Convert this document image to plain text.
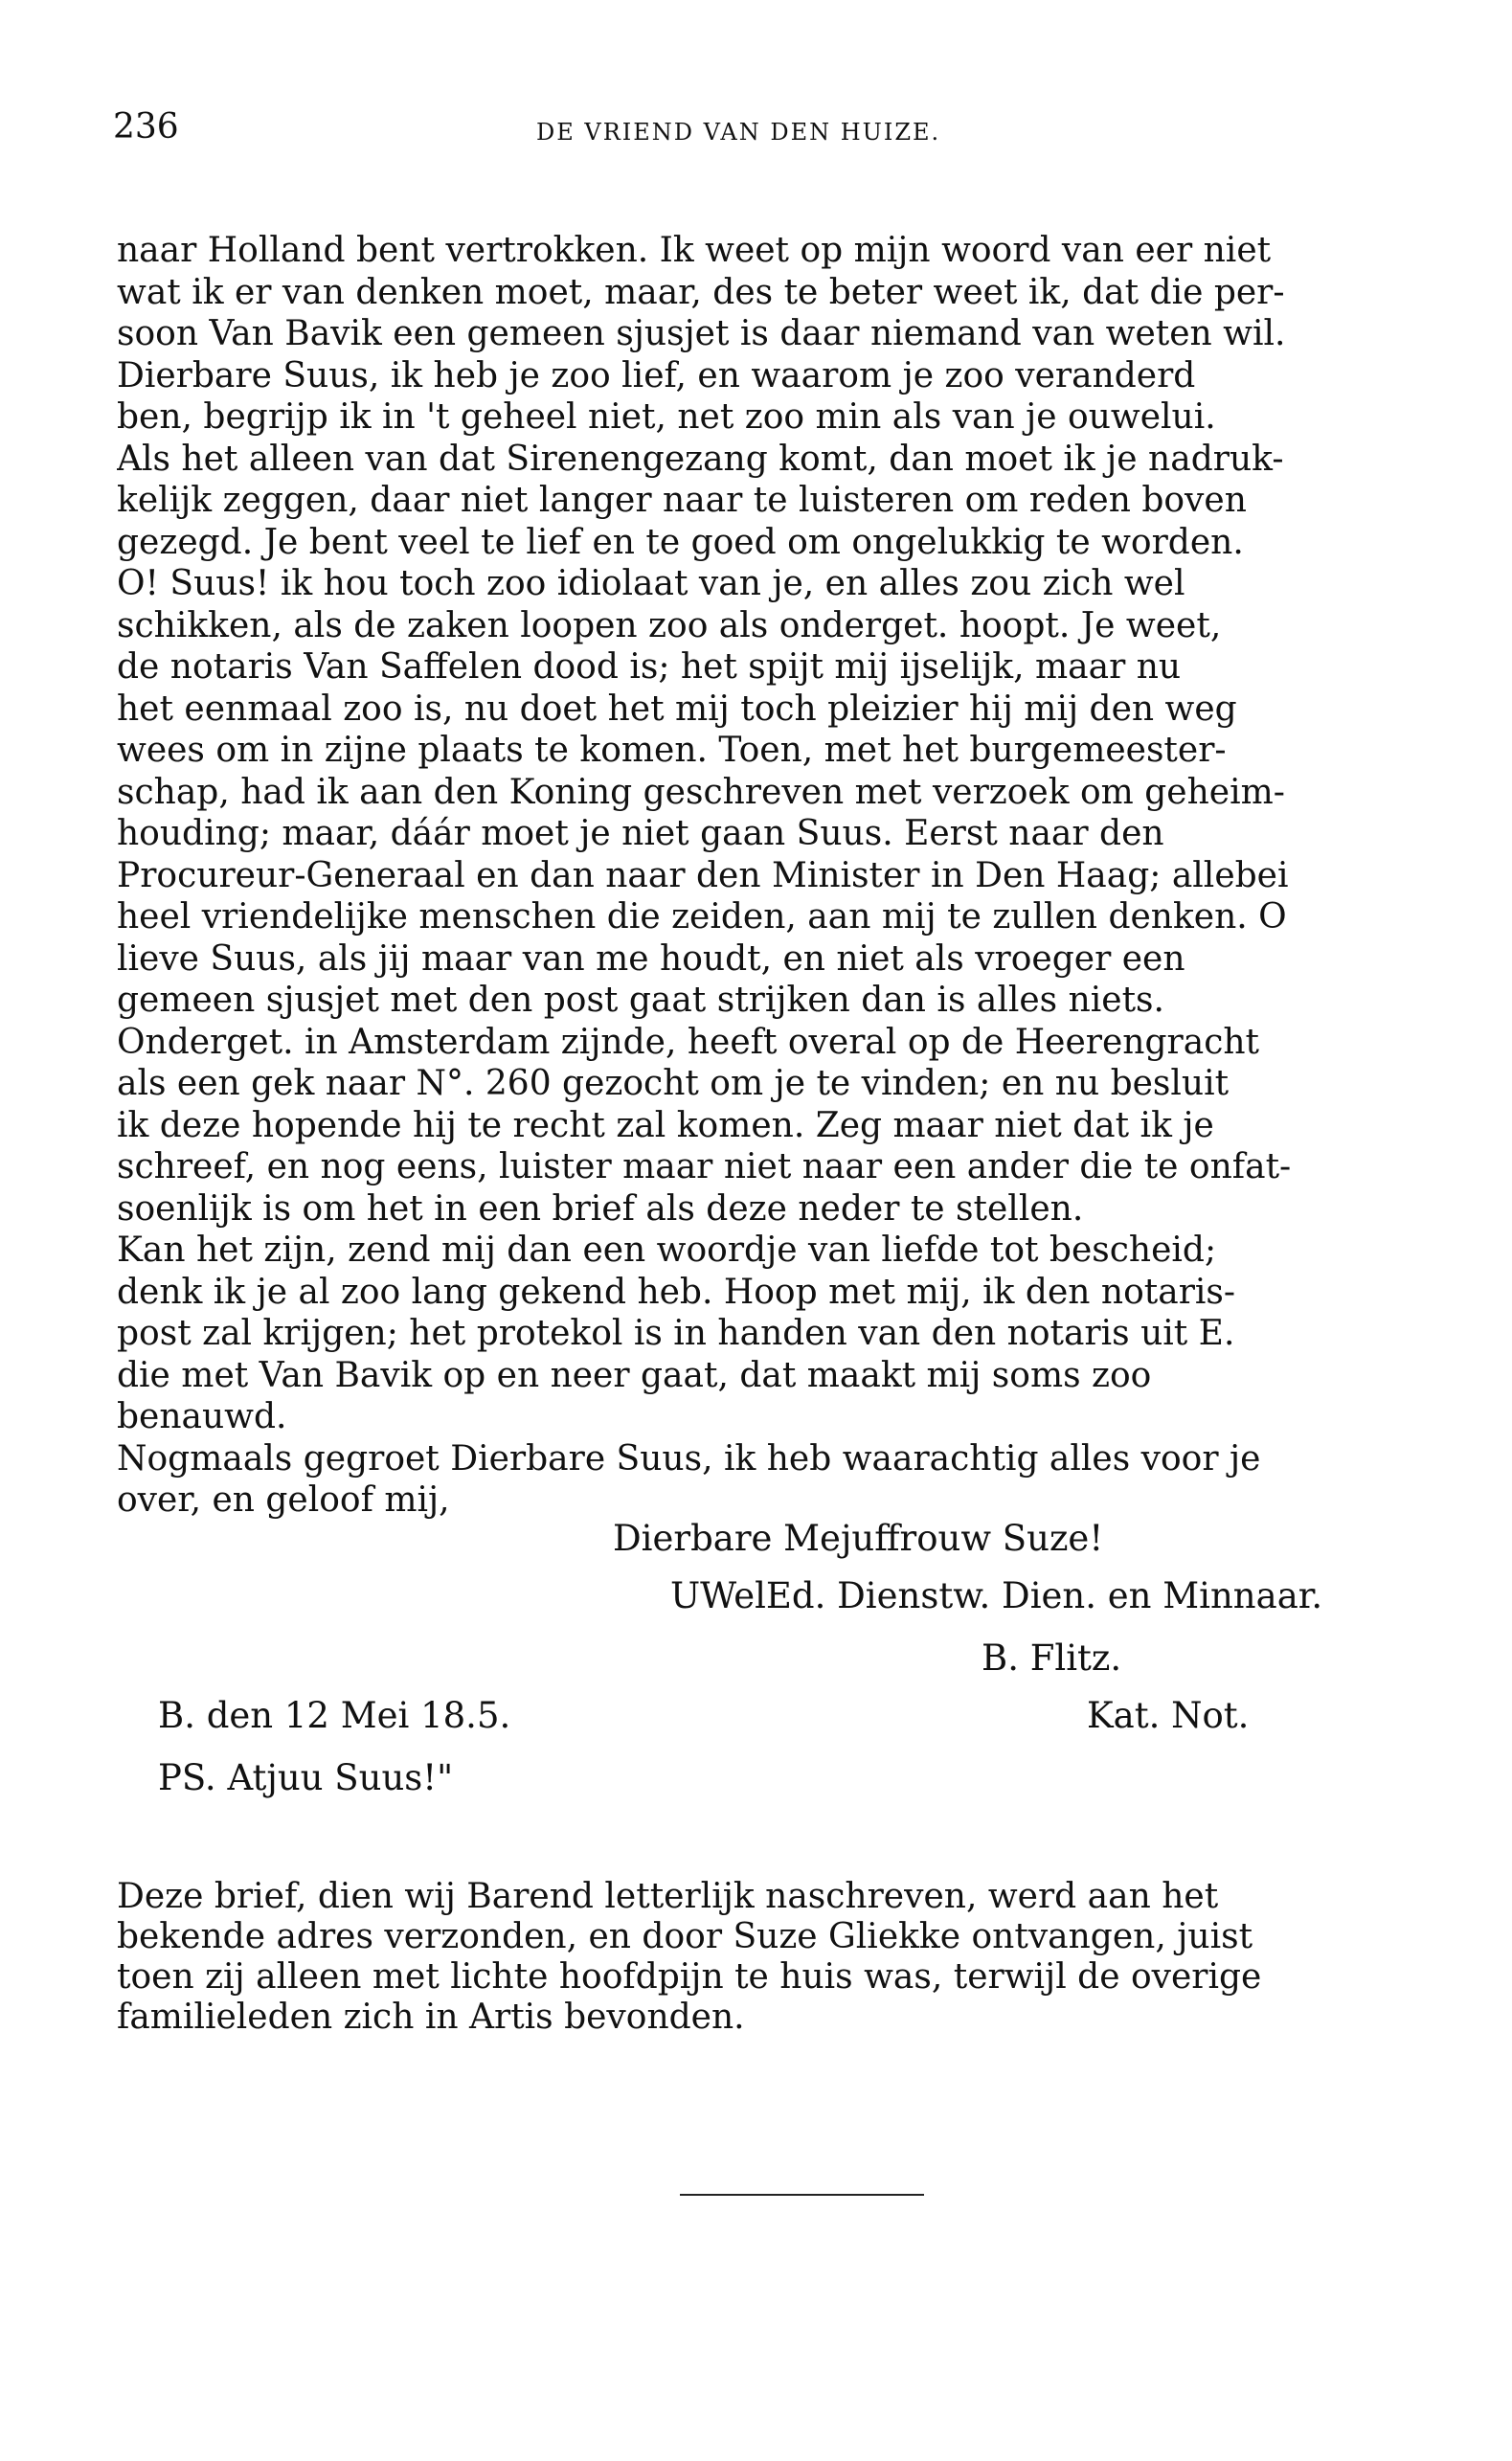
236	DE VRIEND VAN DEN HUIZE.
naar Holland bent vertrokken. Ik weet op mijn woord van eer niet
wat ik er van denken moet, maar, des te beter weet ik, dat die per-
soon Van Bavik een gemeen sjusjet is daar niemand van weten wil.
Dierbare Suus, ik heb je zoo lief, en waarom je zoo veranderd
ben, begrijp ik in 't geheel niet, net zoo min als van je ouwelui.
Als het alleen van dat Sirenengezang komt, dan moet ik je nadruk-
kelijk zeggen, daar niet langer naar te luisteren om reden boven
gezegd. Je bent veel te lief en te goed om ongelukkig te worden.
O! Suus! ik hou toch zoo idiolaat van je, en alles zou zich wel
schikken, als de zaken loopen zoo als onderget. hoopt. Je weet,
de notaris Van Saffelen dood is; het spijt mij ijselijk, maar nu
het eenmaal zoo is, nu doet het mij toch pleizier hij mij den weg
wees om in zijne plaats te komen. Toen, met het burgemeester-
schap, had ik aan den Koning geschreven met verzoek om geheim-
houding; maar, dáár moet je niet gaan Suus. Eerst naar den
Procureur-Generaal en dan naar den Minister in Den Haag; allebei
heel vriendelijke menschen die zeiden, aan mij te zullen denken. O
lieve Suus, als jij maar van me houdt, en niet als vroeger een
gemeen sjusjet met den post gaat strijken dan is alles niets.
Onderget. in Amsterdam zijnde, heeft overal op de Heerengracht
als een gek naar N°. 260 gezocht om je te vinden; en nu besluit
ik deze hopende hij te recht zal komen. Zeg maar niet dat ik je
schreef, en nog eens, luister maar niet naar een ander die te onfat-
soenlijk is om het in een brief als deze neder te stellen.
Kan het zijn, zend mij dan een woordje van liefde tot bescheid;
denk ik je al zoo lang gekend heb. Hoop met mij, ik den notaris-
post zal krijgen; het protekol is in handen van den notaris uit E.
die met Van Bavik op en neer gaat, dat maakt mij soms zoo
benauwd.
Nogmaals gegroet Dierbare Suus, ik heb waarachtig alles voor je
over, en geloof mij,
Dierbare Mejuffrouw Suze!
UWelEd. Dienstw. Dien. en Minnaar.
B. Flitz.
B. den 12 Mei 18.5.	Kat. Not.
PS. Atjuu Suus!"
Deze brief, dien wij Barend letterlijk naschreven, werd aan het
bekende adres verzonden, en door Suze Gliekke ontvangen, juist
toen zij alleen met lichte hoofdpijn te huis was, terwijl de overige
familieleden zich in Artis bevonden.
